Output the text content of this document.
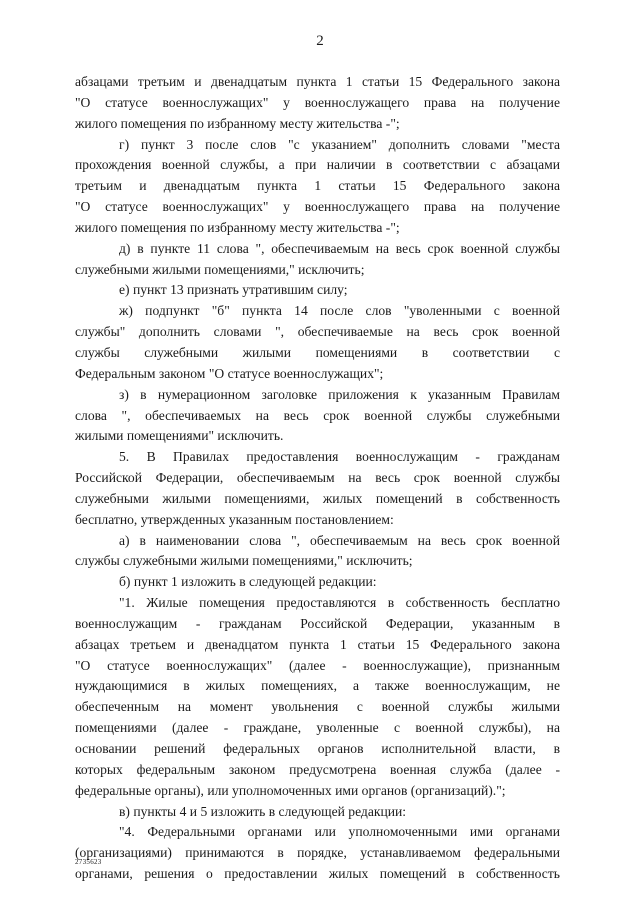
2
абзацами третьим и двенадцатым пункта 1 статьи 15 Федерального закона
"О статусе военнослужащих" у военнослужащего права на получение
жилого помещения по избранному месту жительства -";
г) пункт 3 после слов "с указанием" дополнить словами "места
прохождения военной службы, а при наличии в соответствии с абзацами
третьим и двенадцатым пункта 1 статьи 15 Федерального закона
"О статусе военнослужащих" у военнослужащего права на получение
жилого помещения по избранному месту жительства -";
д) в пункте 11 слова ", обеспечиваемым на весь срок военной службы
служебными жилыми помещениями," исключить;
е) пункт 13 признать утратившим силу;
ж) подпункт "б" пункта 14 после слов "уволенными с военной
службы" дополнить словами ", обеспечиваемые на весь срок военной
службы служебными жилыми помещениями в соответствии с
Федеральным законом "О статусе военнослужащих";
з) в нумерационном заголовке приложения к указанным Правилам
слова ", обеспечиваемых на весь срок военной службы служебными
жилыми помещениями" исключить.
5. В Правилах предоставления военнослужащим - гражданам
Российской Федерации, обеспечиваемым на весь срок военной службы
служебными жилыми помещениями, жилых помещений в собственность
бесплатно, утвержденных указанным постановлением:
а) в наименовании слова ", обеспечиваемым на весь срок военной
службы служебными жилыми помещениями," исключить;
б) пункт 1 изложить в следующей редакции:
"1. Жилые помещения предоставляются в собственность бесплатно
военнослужащим - гражданам Российской Федерации, указанным в
абзацах третьем и двенадцатом пункта 1 статьи 15 Федерального закона
"О статусе военнослужащих" (далее - военнослужащие), признанным
нуждающимися в жилых помещениях, а также военнослужащим, не
обеспеченным на момент увольнения с военной службы жилыми
помещениями (далее - граждане, уволенные с военной службы), на
основании решений федеральных органов исполнительной власти, в
которых федеральным законом предусмотрена военная служба (далее -
федеральные органы), или уполномоченных ими органов (организаций).";
в) пункты 4 и 5 изложить в следующей редакции:
"4. Федеральными органами или уполномоченными ими органами
(организациями) принимаются в порядке, устанавливаемом федеральными
органами, решения о предоставлении жилых помещений в собственность
2735623
